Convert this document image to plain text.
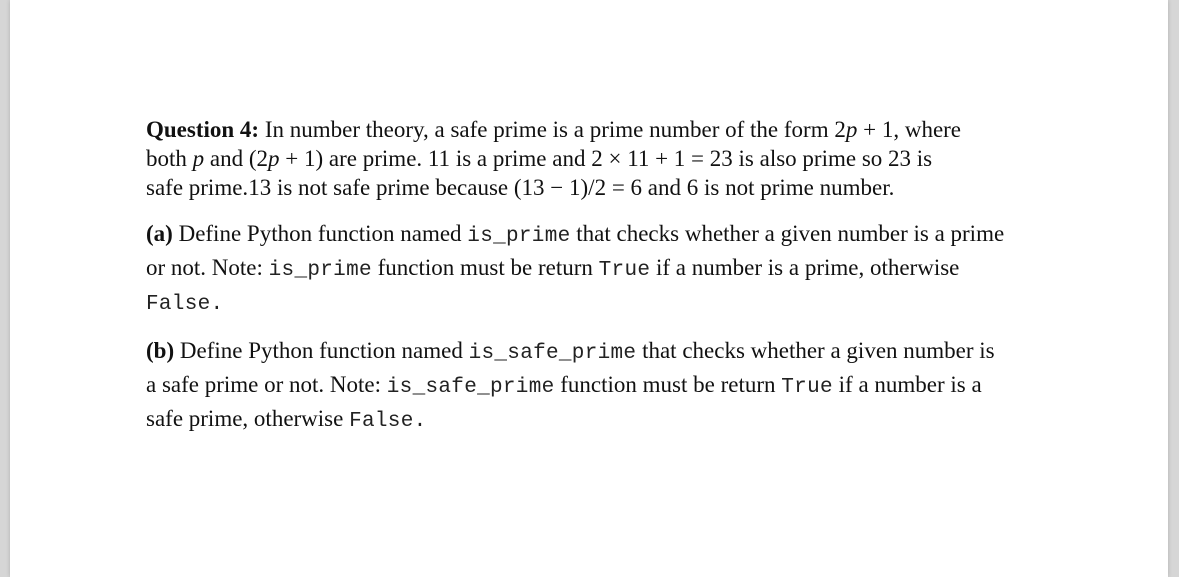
Question 4: In number theory, a safe prime is a prime number of the form 2p + 1, where
both p and (2p + 1) are prime. 11 is a prime and 2 × 11 + 1 = 23 is also prime so 23 is
safe prime.13 is not safe prime because (13 − 1)/2 = 6 and 6 is not prime number.

(a) Define Python function named is_prime that checks whether a given number is a prime
or not. Note: is_prime function must be return True if a number is a prime, otherwise
False.

(b) Define Python function named is_safe_prime that checks whether a given number is
a safe prime or not. Note: is_safe_prime function must be return True if a number is a
safe prime, otherwise False.
